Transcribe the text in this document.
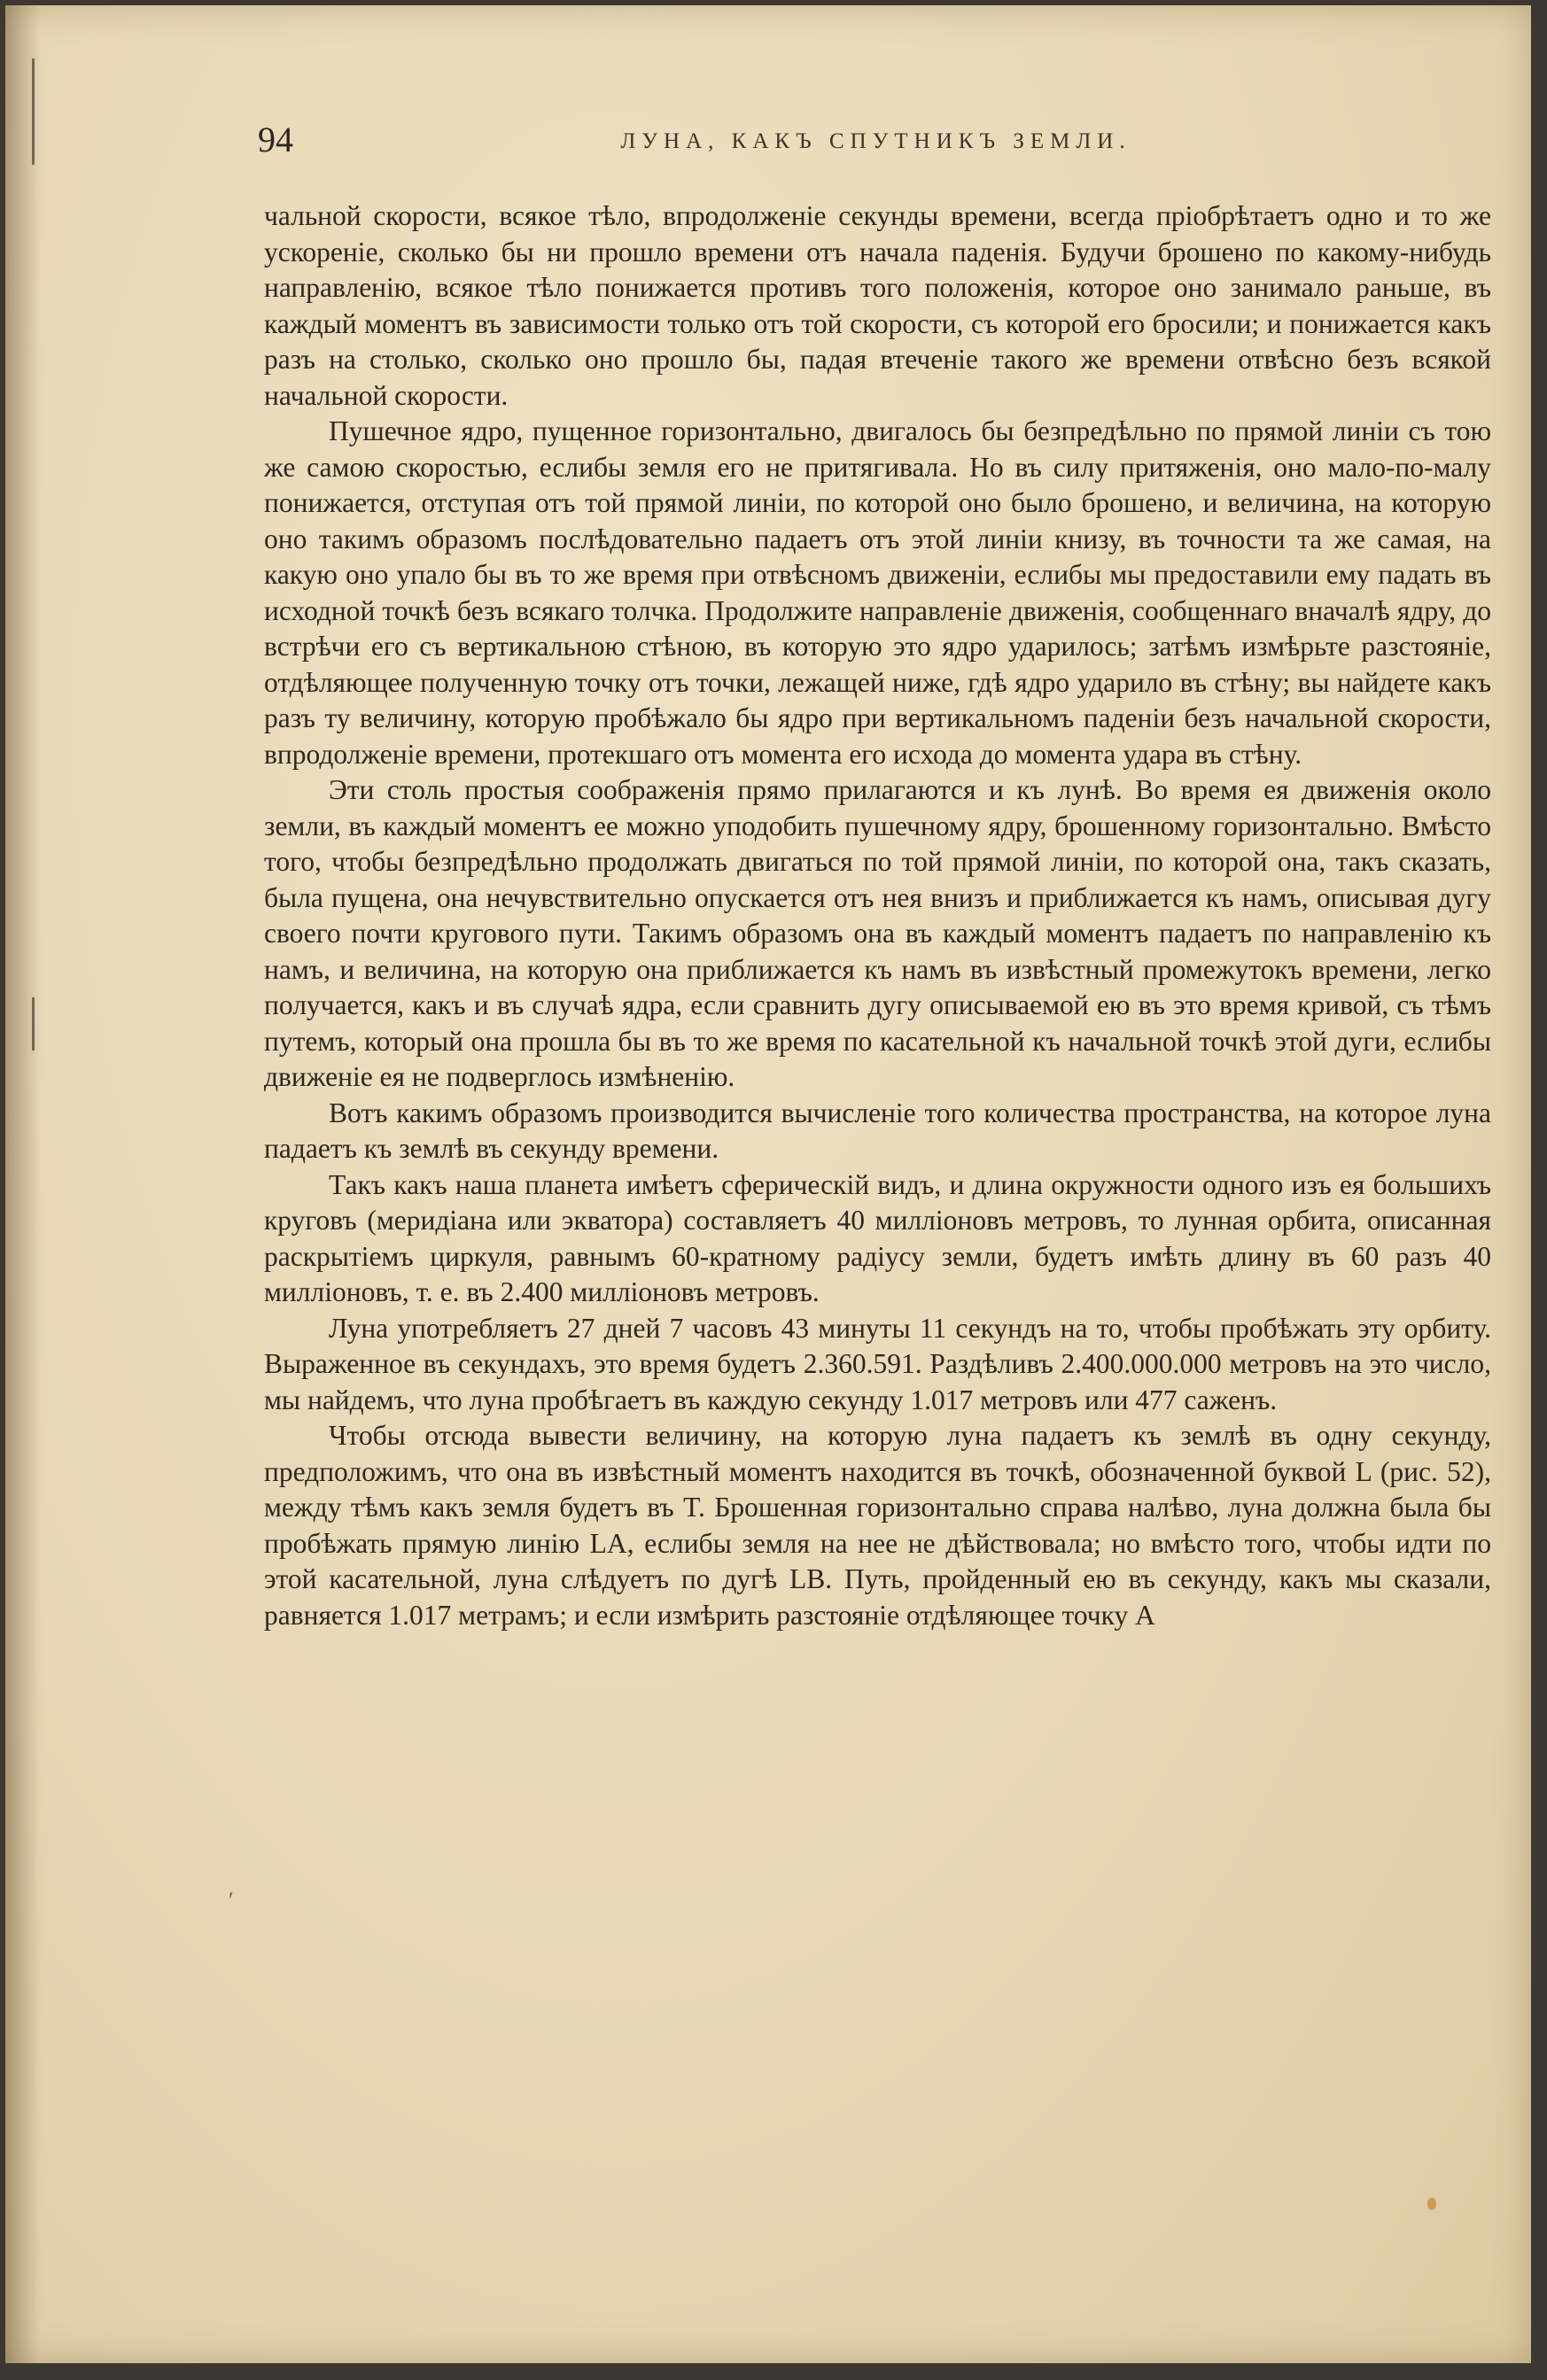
94	ЛУНА, КАКЪ СПУТНИКЪ ЗЕМЛИ.

чальной скорости, всякое тѣло, впродолженіе секунды времени, всегда пріобрѣтаетъ одно и то же ускореніе, сколько бы ни прошло времени отъ начала паденія. Будучи брошено по какому-нибудь направленію, всякое тѣло понижается противъ того положенія, которое оно занимало раньше, въ каждый моментъ въ зависимости только отъ той скорости, съ которой его бросили; и понижается какъ разъ на столько, сколько оно прошло бы, падая втеченіе такого же времени отвѣсно безъ всякой начальной скорости.

Пушечное ядро, пущенное горизонтально, двигалось бы безпредѣльно по прямой линіи съ тою же самою скоростью, еслибы земля его не притягивала. Но въ силу притяженія, оно мало-по-малу понижается, отступая отъ той прямой линіи, по которой оно было брошено, и величина, на которую оно такимъ образомъ послѣдовательно падаетъ отъ этой линіи книзу, въ точности та же самая, на какую оно упало бы въ то же время при отвѣсномъ движеніи, еслибы мы предоставили ему падать въ исходной точкѣ безъ всякаго толчка. Продолжите направленіе движенія, сообщеннаго вначалѣ ядру, до встрѣчи его съ вертикальною стѣною, въ которую это ядро ударилось; затѣмъ измѣрьте разстояніе, отдѣляющее полученную точку отъ точки, лежащей ниже, гдѣ ядро ударило въ стѣну; вы найдете какъ разъ ту величину, которую пробѣжало бы ядро при вертикальномъ паденіи безъ начальной скорости, впродолженіе времени, протекшаго отъ момента его исхода до момента удара въ стѣну.

Эти столь простыя соображенія прямо прилагаются и къ лунѣ. Во время ея движенія около земли, въ каждый моментъ ее можно уподобить пушечному ядру, брошенному горизонтально. Вмѣсто того, чтобы безпредѣльно продолжать двигаться по той прямой линіи, по которой она, такъ сказать, была пущена, она нечувствительно опускается отъ нея внизъ и приближается къ намъ, описывая дугу своего почти кругового пути. Такимъ образомъ она въ каждый моментъ падаетъ по направленію къ намъ, и величина, на которую она приближается къ намъ въ извѣстный промежутокъ времени, легко получается, какъ и въ случаѣ ядра, если сравнить дугу описываемой ею въ это время кривой, съ тѣмъ путемъ, который она прошла бы въ то же время по касательной къ начальной точкѣ этой дуги, еслибы движеніе ея не подверглось измѣненію.

Вотъ какимъ образомъ производится вычисленіе того количества пространства, на которое луна падаетъ къ землѣ въ секунду времени.

Такъ какъ наша планета имѣетъ сферическій видъ, и длина окружности одного изъ ея большихъ круговъ (меридіана или экватора) составляетъ 40 милліоновъ метровъ, то лунная орбита, описанная раскрытіемъ циркуля, равнымъ 60-кратному радіусу земли, будетъ имѣть длину въ 60 разъ 40 милліоновъ, т. е. въ 2.400 милліоновъ метровъ.

Луна употребляетъ 27 дней 7 часовъ 43 минуты 11 секундъ на то, чтобы пробѣжать эту орбиту. Выраженное въ секундахъ, это время будетъ 2.360.591. Раздѣливъ 2.400.000.000 метровъ на это число, мы найдемъ, что луна пробѣгаетъ въ каждую секунду 1.017 метровъ или 477 саженъ.

Чтобы отсюда вывести величину, на которую луна падаетъ къ землѣ въ одну секунду, предположимъ, что она въ извѣстный моментъ находится въ точкѣ, обозначенной буквой L (рис. 52), между тѣмъ какъ земля будетъ въ T. Брошенная горизонтально справа налѣво, луна должна была бы пробѣжать прямую линію LA, еслибы земля на нее не дѣйствовала; но вмѣсто того, чтобы идти по этой касательной, луна слѣдуетъ по дугѣ LB. Путь, пройденный ею въ секунду, какъ мы сказали, равняется 1.017 метрамъ; и если измѣрить разстояніе отдѣляющее точку A

′
